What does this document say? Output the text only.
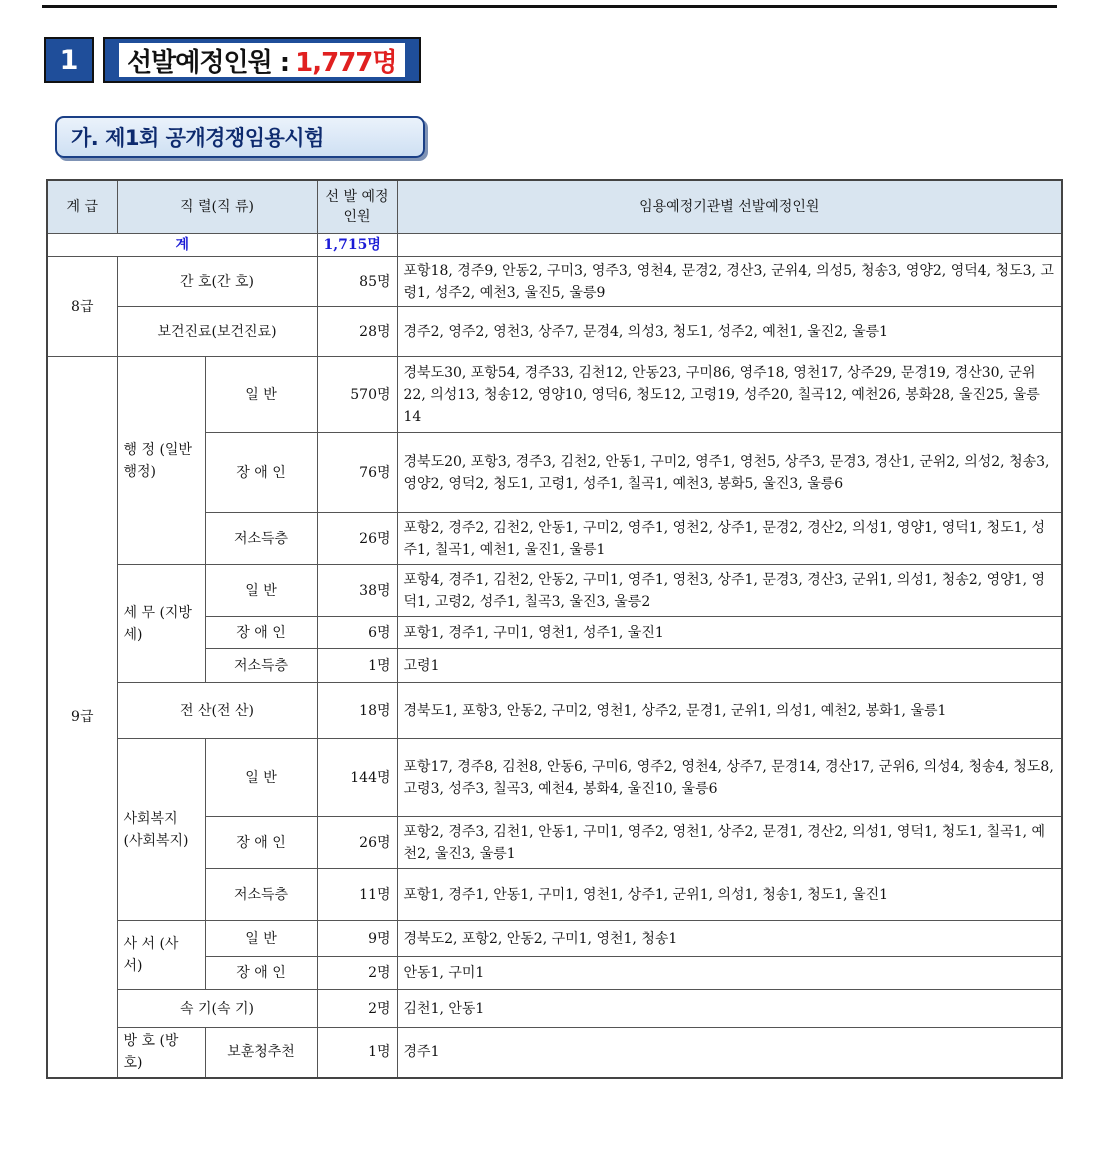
1 선발예정인원 : 1,777명
가. 제1회 공개경쟁임용시험
계 급	직 렬(직 류)		선 발 예정인원	임용예정기관별 선발예정인원
계			1,715명	
8급	간 호(간 호)		85명	포항18, 경주9, 안동2, 구미3, 영주3, 영천4, 문경2, 경산3, 군위4, 의성5, 청송3, 영양2, 영덕4, 청도3, 고령1, 성주2, 예천3, 울진5, 울릉9
	보건진료(보건진료)		28명	경주2, 영주2, 영천3, 상주7, 문경4, 의성3, 청도1, 성주2, 예천1, 울진2, 울릉1
9급	행 정 (일반행정)	일 반	570명	경북도30, 포항54, 경주33, 김천12, 안동23, 구미86, 영주18, 영천17, 상주29, 문경19, 경산30, 군위22, 의성13, 청송12, 영양10, 영덕6, 청도12, 고령19, 성주20, 칠곡12, 예천26, 봉화28, 울진25, 울릉14
		장 애 인	76명	경북도20, 포항3, 경주3, 김천2, 안동1, 구미2, 영주1, 영천5, 상주3, 문경3, 경산1, 군위2, 의성2, 청송3, 영양2, 영덕2, 청도1, 고령1, 성주1, 칠곡1, 예천3, 봉화5, 울진3, 울릉6
		저소득층	26명	포항2, 경주2, 김천2, 안동1, 구미2, 영주1, 영천2, 상주1, 문경2, 경산2, 의성1, 영양1, 영덕1, 청도1, 성주1, 칠곡1, 예천1, 울진1, 울릉1
	세 무 (지방세)	일 반	38명	포항4, 경주1, 김천2, 안동2, 구미1, 영주1, 영천3, 상주1, 문경3, 경산3, 군위1, 의성1, 청송2, 영양1, 영덕1, 고령2, 성주1, 칠곡3, 울진3, 울릉2
		장 애 인	6명	포항1, 경주1, 구미1, 영천1, 성주1, 울진1
		저소득층	1명	고령1
	전 산(전 산)		18명	경북도1, 포항3, 안동2, 구미2, 영천1, 상주2, 문경1, 군위1, 의성1, 예천2, 봉화1, 울릉1
	사회복지 (사회복지)	일 반	144명	포항17, 경주8, 김천8, 안동6, 구미6, 영주2, 영천4, 상주7, 문경14, 경산17, 군위6, 의성4, 청송4, 청도8, 고령3, 성주3, 칠곡3, 예천4, 봉화4, 울진10, 울릉6
		장 애 인	26명	포항2, 경주3, 김천1, 안동1, 구미1, 영주2, 영천1, 상주2, 문경1, 경산2, 의성1, 영덕1, 청도1, 칠곡1, 예천2, 울진3, 울릉1
		저소득층	11명	포항1, 경주1, 안동1, 구미1, 영천1, 상주1, 군위1, 의성1, 청송1, 청도1, 울진1
	사 서 (사 서)	일 반	9명	경북도2, 포항2, 안동2, 구미1, 영천1, 청송1
		장 애 인	2명	안동1, 구미1
	속 기(속 기)		2명	김천1, 안동1
	방 호 (방 호)	보훈청추천	1명	경주1
